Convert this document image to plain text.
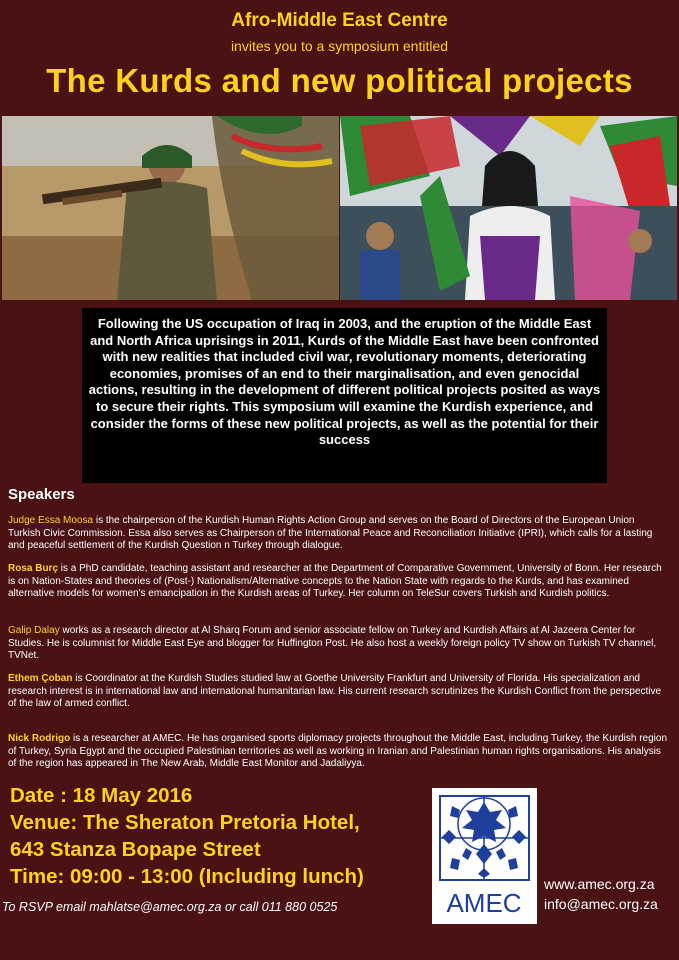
Afro-Middle East Centre
invites you to a symposium entitled
The Kurds and new political projects
Following the US occupation of Iraq in 2003, and the eruption of the Middle East and North Africa uprisings in 2011, Kurds of the Middle East have been confronted with new realities that included civil war, revolutionary moments, deteriorating economies, promises of an end to their marginalisation, and even genocidal actions, resulting in the development of different political projects posited as ways to secure their rights. This symposium will examine the Kurdish experience, and consider the forms of these new political projects, as well as the potential for their success
Speakers
Judge Essa Moosa is the chairperson of the Kurdish Human Rights Action Group and serves on the Board of Directors of the European Union Turkish Civic Commission. Essa also serves as Chairperson of the International Peace and Reconciliation Initiative (IPRI), which calls for a lasting and peaceful settlement of the Kurdish Question n Turkey through dialogue.
Rosa Burç is a PhD candidate, teaching assistant and researcher at the Department of Comparative Government, University of Bonn. Her research is on Nation-States and theories of (Post-) Nationalism/Alternative concepts to the Nation State with regards to the Kurds, and has examined alternative models for women's emancipation in the Kurdish areas of Turkey. Her column on TeleSur covers Turkish and Kurdish politics.
Galip Dalay works as a research director at Al Sharq Forum and senior associate fellow on Turkey and Kurdish Affairs at Al Jazeera Center for Studies. He is columnist for Middle East Eye and blogger for Huffington Post. He also host a weekly foreign policy TV show on Turkish TV channel, TVNet.
Ethem Çoban is Coordinator at the Kurdish Studies studied law at Goethe University Frankfurt and University of Florida. His specialization and research interest is in international law and international humanitarian law. His current research scrutinizes the Kurdish Conflict from the perspective of the law of armed conflict.
Nick Rodrigo is a researcher at AMEC. He has organised sports diplomacy projects throughout the Middle East, including Turkey, the Kurdish region of Turkey, Syria Egypt and the occupied Palestinian territories as well as working in Iranian and Palestinian human rights organisations. His analysis of the region has appeared in The New Arab, Middle East Monitor and Jadaliyya.
Date : 18 May 2016
Venue: The Sheraton Pretoria Hotel,
643 Stanza Bopape Street
Time: 09:00 - 13:00 (Including lunch)
To RSVP email mahlatse@amec.org.za or call 011 880 0525	AMEC
www.amec.org.za
info@amec.org.za
